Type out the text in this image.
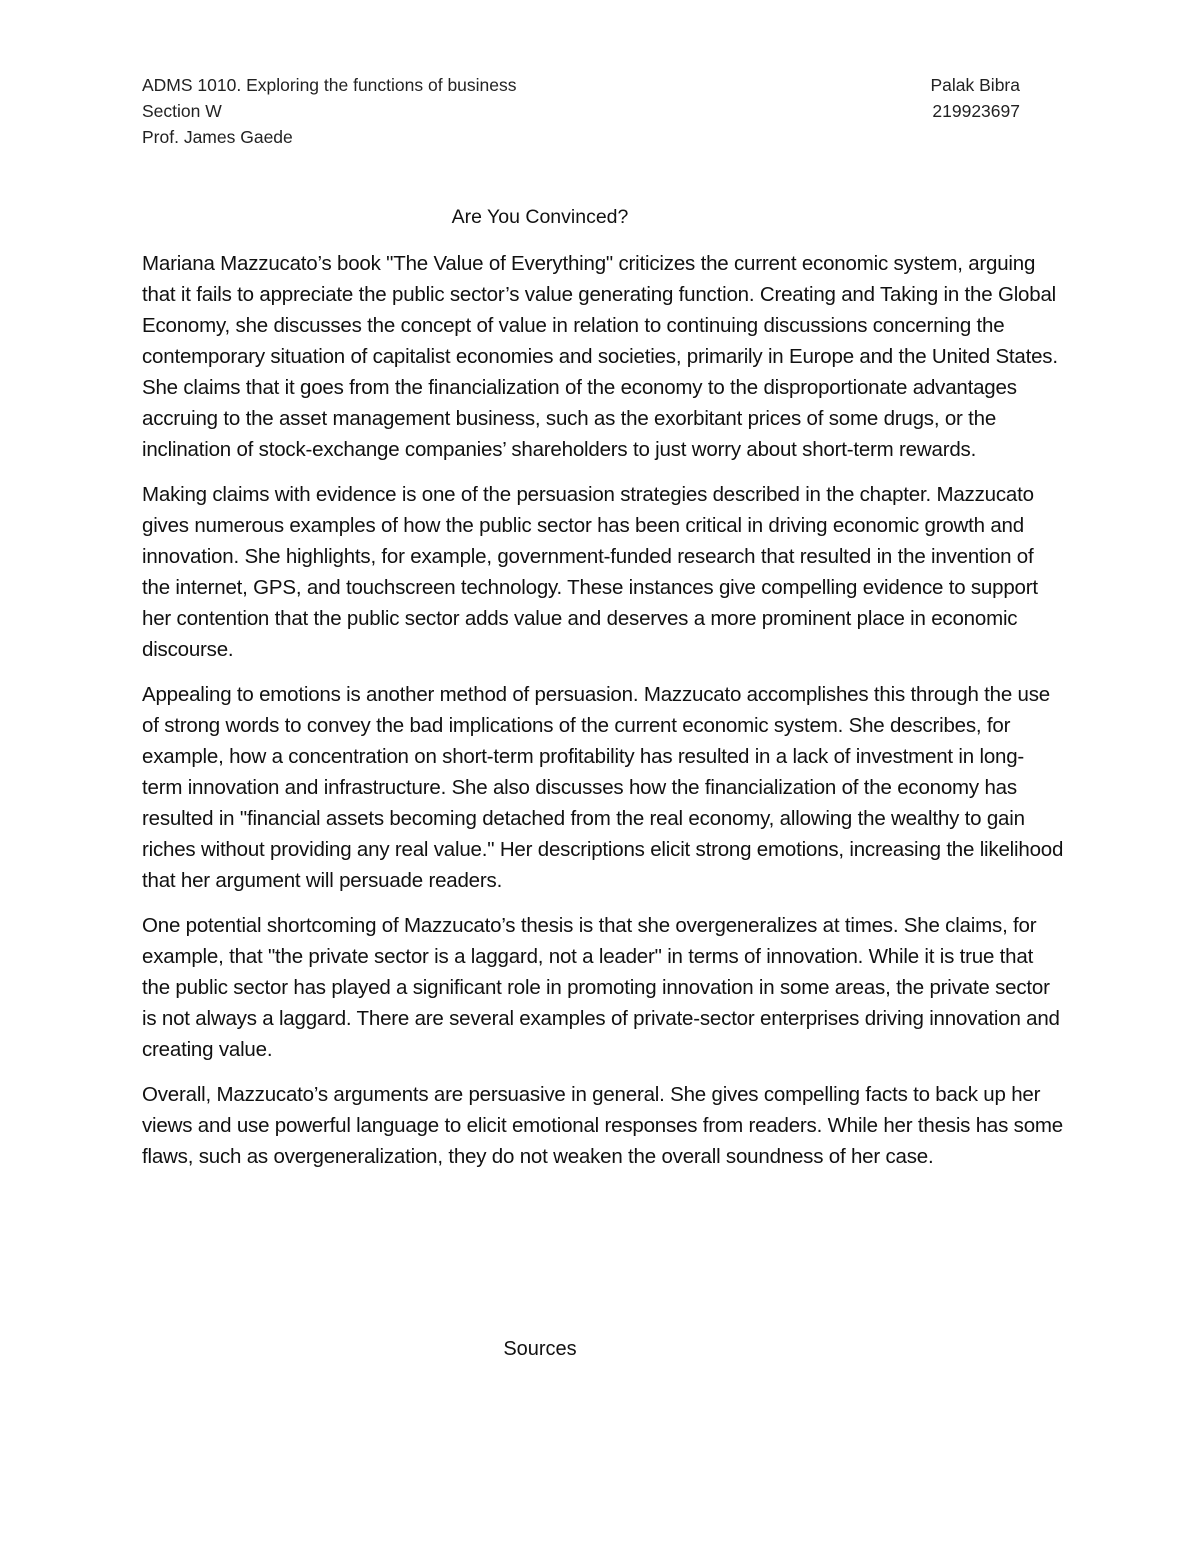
ADMS 1010. Exploring the functions of business	Palak Bibra
Section W	219923697
Prof. James Gaede
Are You Convinced?

Mariana Mazzucato’s book "The Value of Everything" criticizes the current economic system, arguing that it fails to appreciate the public sector’s value generating function. Creating and Taking in the Global Economy, she discusses the concept of value in relation to continuing discussions concerning the contemporary situation of capitalist economies and societies, primarily in Europe and the United States. She claims that it goes from the financialization of the economy to the disproportionate advantages accruing to the asset management business, such as the exorbitant prices of some drugs, or the inclination of stock-exchange companies’ shareholders to just worry about short-term rewards.

Making claims with evidence is one of the persuasion strategies described in the chapter. Mazzucato gives numerous examples of how the public sector has been critical in driving economic growth and innovation. She highlights, for example, government-funded research that resulted in the invention of the internet, GPS, and touchscreen technology. These instances give compelling evidence to support her contention that the public sector adds value and deserves a more prominent place in economic discourse.

Appealing to emotions is another method of persuasion. Mazzucato accomplishes this through the use of strong words to convey the bad implications of the current economic system. She describes, for example, how a concentration on short-term profitability has resulted in a lack of investment in long-term innovation and infrastructure. She also discusses how the financialization of the economy has resulted in "financial assets becoming detached from the real economy, allowing the wealthy to gain riches without providing any real value." Her descriptions elicit strong emotions, increasing the likelihood that her argument will persuade readers.

One potential shortcoming of Mazzucato’s thesis is that she overgeneralizes at times. She claims, for example, that "the private sector is a laggard, not a leader" in terms of innovation. While it is true that the public sector has played a significant role in promoting innovation in some areas, the private sector is not always a laggard. There are several examples of private-sector enterprises driving innovation and creating value.

Overall, Mazzucato’s arguments are persuasive in general. She gives compelling facts to back up her views and use powerful language to elicit emotional responses from readers. While her thesis has some flaws, such as overgeneralization, they do not weaken the overall soundness of her case.

Sources
